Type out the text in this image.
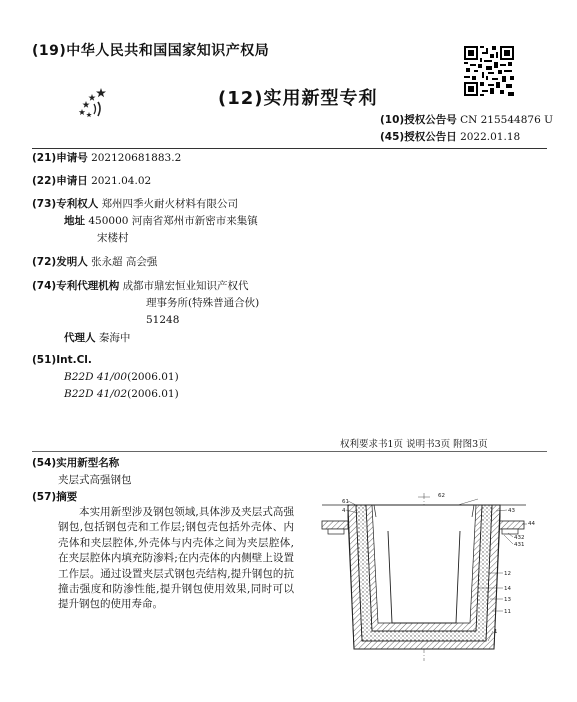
(19)中华人民共和国国家知识产权局
(12)实用新型专利
(10)授权公告号 CN 215544876 U
(45)授权公告日 2022.01.18
(21)申请号 202120681883.2
(22)申请日 2021.04.02
(73)专利权人 郑州四季火耐火材料有限公司
地址 450000 河南省郑州市新密市来集镇
宋楼村
(72)发明人 张永超 高会强
(74)专利代理机构 成都市鼎宏恒业知识产权代
理事务所(特殊普通合伙)
51248
代理人 秦海中
(51)Int.Cl.
B22D 41/00(2006.01)
B22D 41/02(2006.01)
权利要求书1页 说明书3页 附图3页
(54)实用新型名称
夹层式高强钢包
(57)摘要
本实用新型涉及钢包领域,具体涉及夹层式高强钢包,包括钢包壳和工作层;钢包壳包括外壳体、内壳体和夹层腔体,外壳体与内壳体之间为夹层腔体,在夹层腔体内填充防渗料;在内壳体的内侧壁上设置工作层。通过设置夹层式钢包壳结构,提升钢包的抗撞击强度和防渗性能,提升钢包使用效果,同时可以提升钢包的使用寿命。
62
61
4	43
44
432
431
12
14
13
11
1
